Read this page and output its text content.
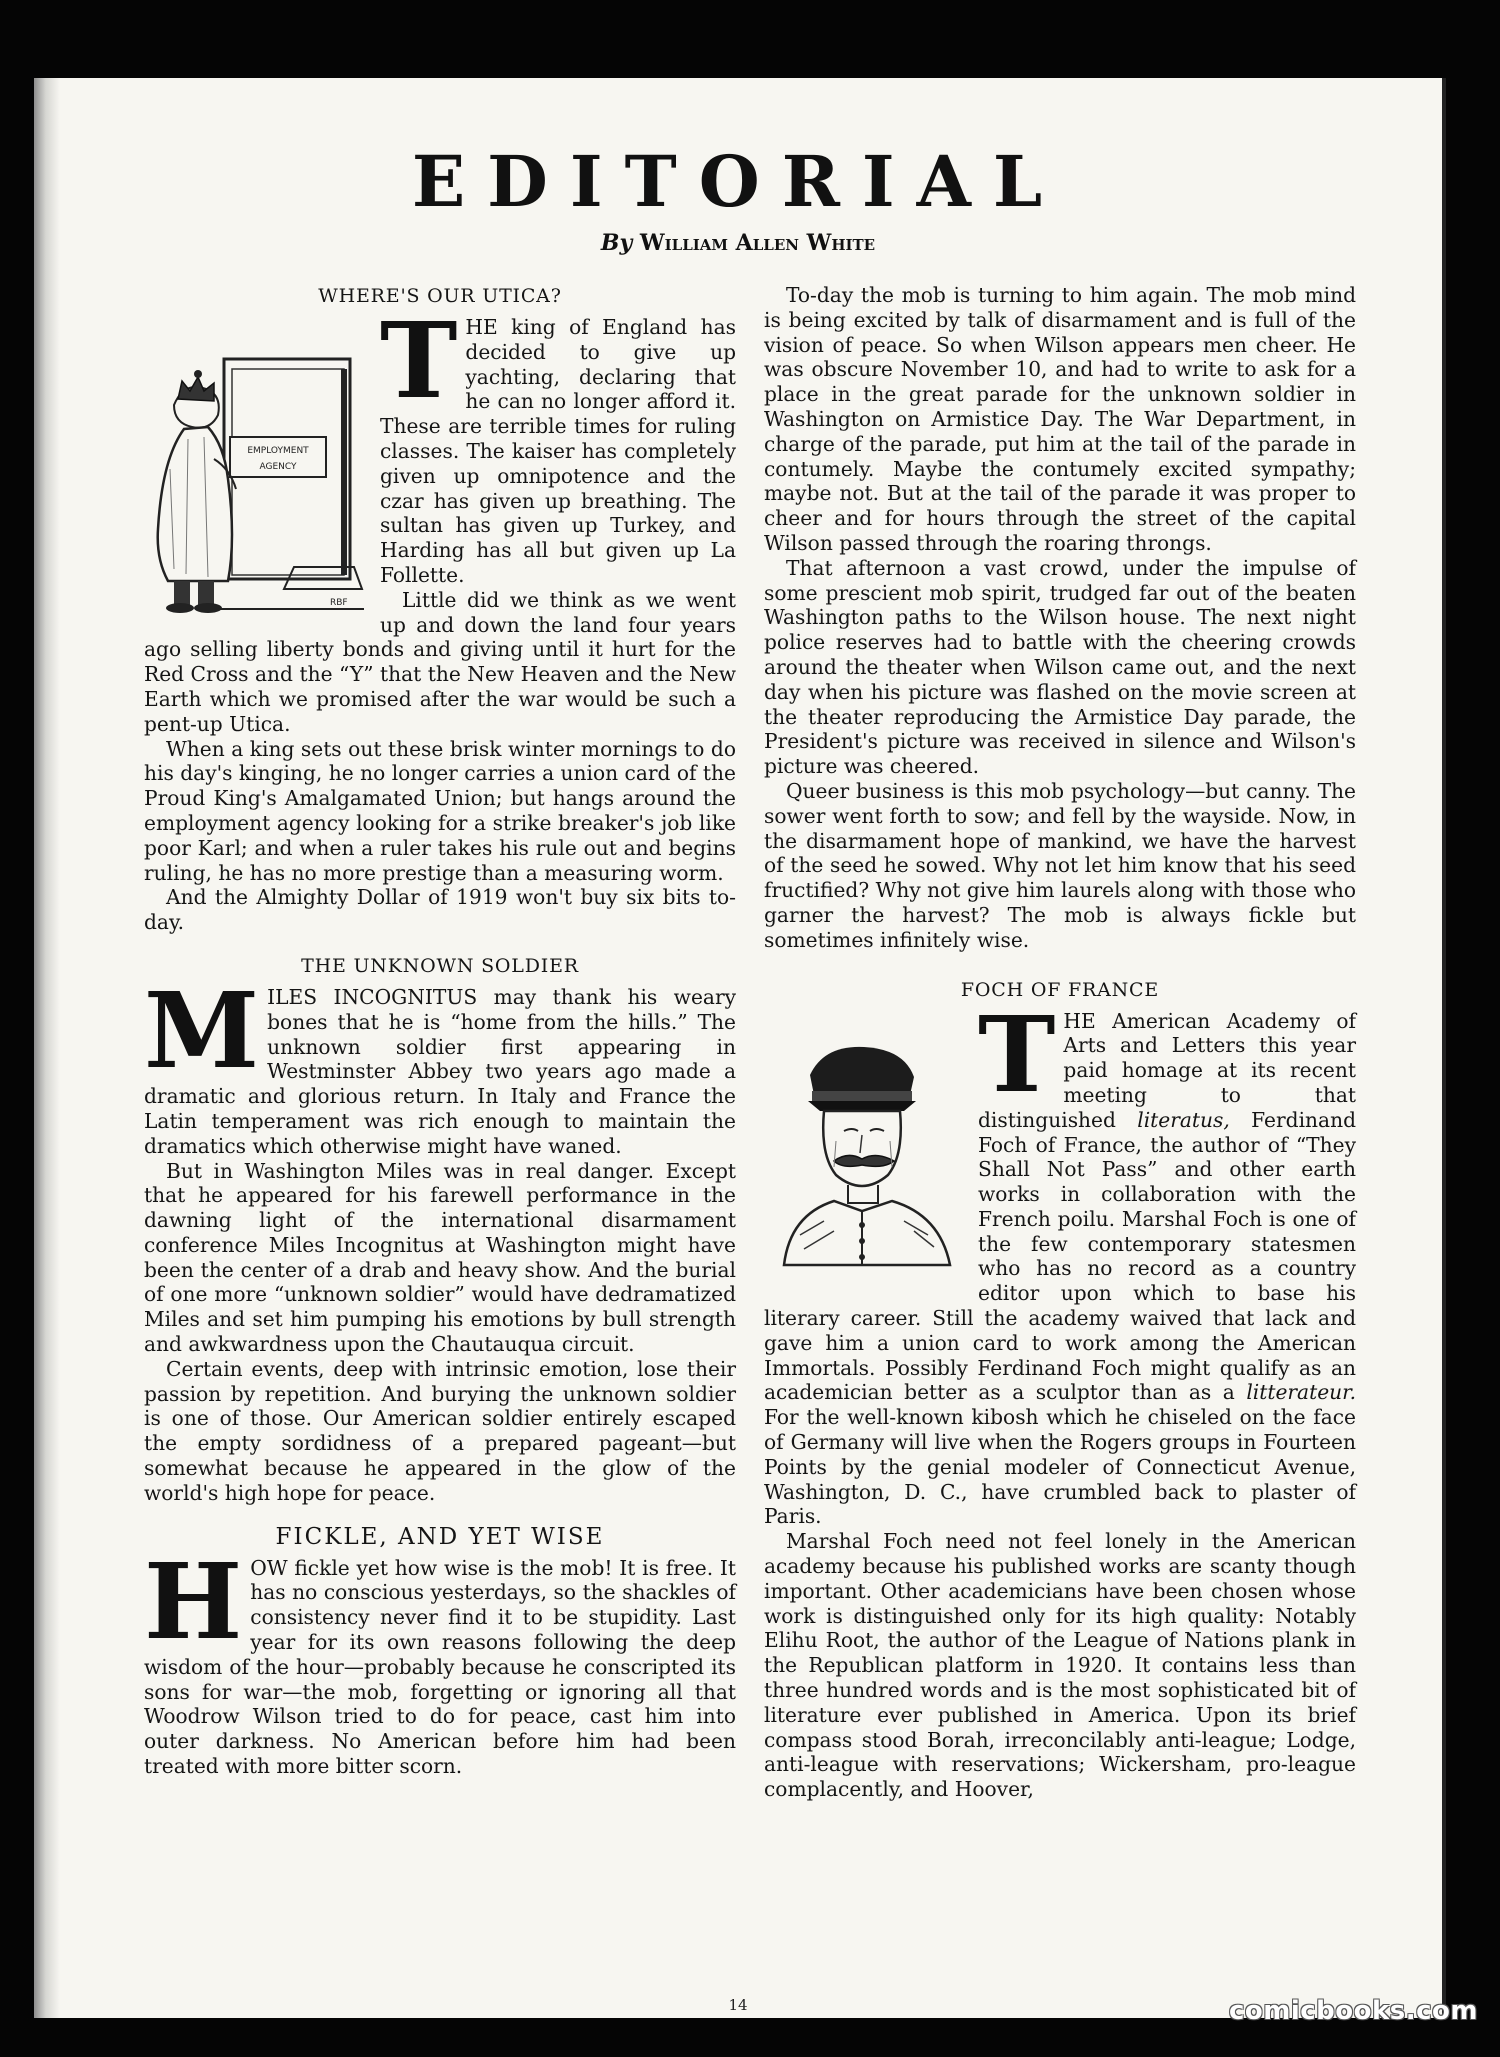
EDITORIAL

By William Allen White

WHERE'S OUR UTICA?
EMPLOYMENT
AGENCY
RBF
T HE king of England has decided to give up yachting, declaring that he can no longer afford it. These are terrible times for ruling classes. The kaiser has completely given up omnipotence and the czar has given up breathing. The sultan has given up Turkey, and Harding has all but given up La Follette.

Little did we think as we went up and down the land four years ago selling liberty bonds and giving until it hurt for the Red Cross and the “Y” that the New Heaven and the New Earth which we promised after the war would be such a pent-up Utica.

When a king sets out these brisk winter mornings to do his day's kinging, he no longer carries a union card of the Proud King's Amalgamated Union; but hangs around the employment agency looking for a strike breaker's job like poor Karl; and when a ruler takes his rule out and begins ruling, he has no more prestige than a measuring worm.

And the Almighty Dollar of 1919 won't buy six bits to-day.

THE UNKNOWN SOLDIER
M ILES INCOGNITUS may thank his weary bones that he is “home from the hills.” The unknown soldier first appearing in Westminster Abbey two years ago made a dramatic and glorious return. In Italy and France the Latin temperament was rich enough to maintain the dramatics which otherwise might have waned.

But in Washington Miles was in real danger. Except that he appeared for his farewell performance in the dawning light of the international disarmament conference Miles Incognitus at Washington might have been the center of a drab and heavy show. And the burial of one more “unknown soldier” would have dedramatized Miles and set him pumping his emotions by bull strength and awkwardness upon the Chautauqua circuit.

Certain events, deep with intrinsic emotion, lose their passion by repetition. And burying the unknown soldier is one of those. Our American soldier entirely escaped the empty sordidness of a prepared pageant—but somewhat because he appeared in the glow of the world's high hope for peace.

FICKLE, AND YET WISE
H OW fickle yet how wise is the mob! It is free. It has no conscious yesterdays, so the shackles of consistency never find it to be stupidity. Last year for its own reasons following the deep wisdom of the hour—probably because he conscripted its sons for war—the mob, forgetting or ignoring all that Woodrow Wilson tried to do for peace, cast him into outer darkness. No American before him had been treated with more bitter scorn.

To-day the mob is turning to him again. The mob mind is being excited by talk of disarmament and is full of the vision of peace. So when Wilson appears men cheer. He was obscure November 10, and had to write to ask for a place in the great parade for the unknown soldier in Washington on Armistice Day. The War Department, in charge of the parade, put him at the tail of the parade in contumely. Maybe the contumely excited sympathy; maybe not. But at the tail of the parade it was proper to cheer and for hours through the street of the capital Wilson passed through the roaring throngs.

That afternoon a vast crowd, under the impulse of some prescient mob spirit, trudged far out of the beaten Washington paths to the Wilson house. The next night police reserves had to battle with the cheering crowds around the theater when Wilson came out, and the next day when his picture was flashed on the movie screen at the theater reproducing the Armistice Day parade, the President's picture was received in silence and Wilson's picture was cheered.

Queer business is this mob psychology—but canny. The sower went forth to sow; and fell by the wayside. Now, in the disarmament hope of mankind, we have the harvest of the seed he sowed. Why not let him know that his seed fructified? Why not give him laurels along with those who garner the harvest? The mob is always fickle but sometimes infinitely wise.

FOCH OF FRANCE
T HE American Academy of Arts and Letters this year paid homage at its recent meeting to that distinguished literatus, Ferdinand Foch of France, the author of “They Shall Not Pass” and other earth works in collaboration with the French poilu. Marshal Foch is one of the few contemporary statesmen who has no record as a country editor upon which to base his literary career. Still the academy waived that lack and gave him a union card to work among the American Immortals. Possibly Ferdinand Foch might qualify as an academician better as a sculptor than as a litterateur. For the well-known kibosh which he chiseled on the face of Germany will live when the Rogers groups in Fourteen Points by the genial modeler of Connecticut Avenue, Washington, D. C., have crumbled back to plaster of Paris.

Marshal Foch need not feel lonely in the American academy because his published works are scanty though important. Other academicians have been chosen whose work is distinguished only for its high quality: Notably Elihu Root, the author of the League of Nations plank in the Republican platform in 1920. It contains less than three hundred words and is the most sophisticated bit of literature ever published in America. Upon its brief compass stood Borah, irreconcilably anti-league; Lodge, anti-league with reservations; Wickersham, pro-league complacently, and Hoover,

14	comicbooks.com
